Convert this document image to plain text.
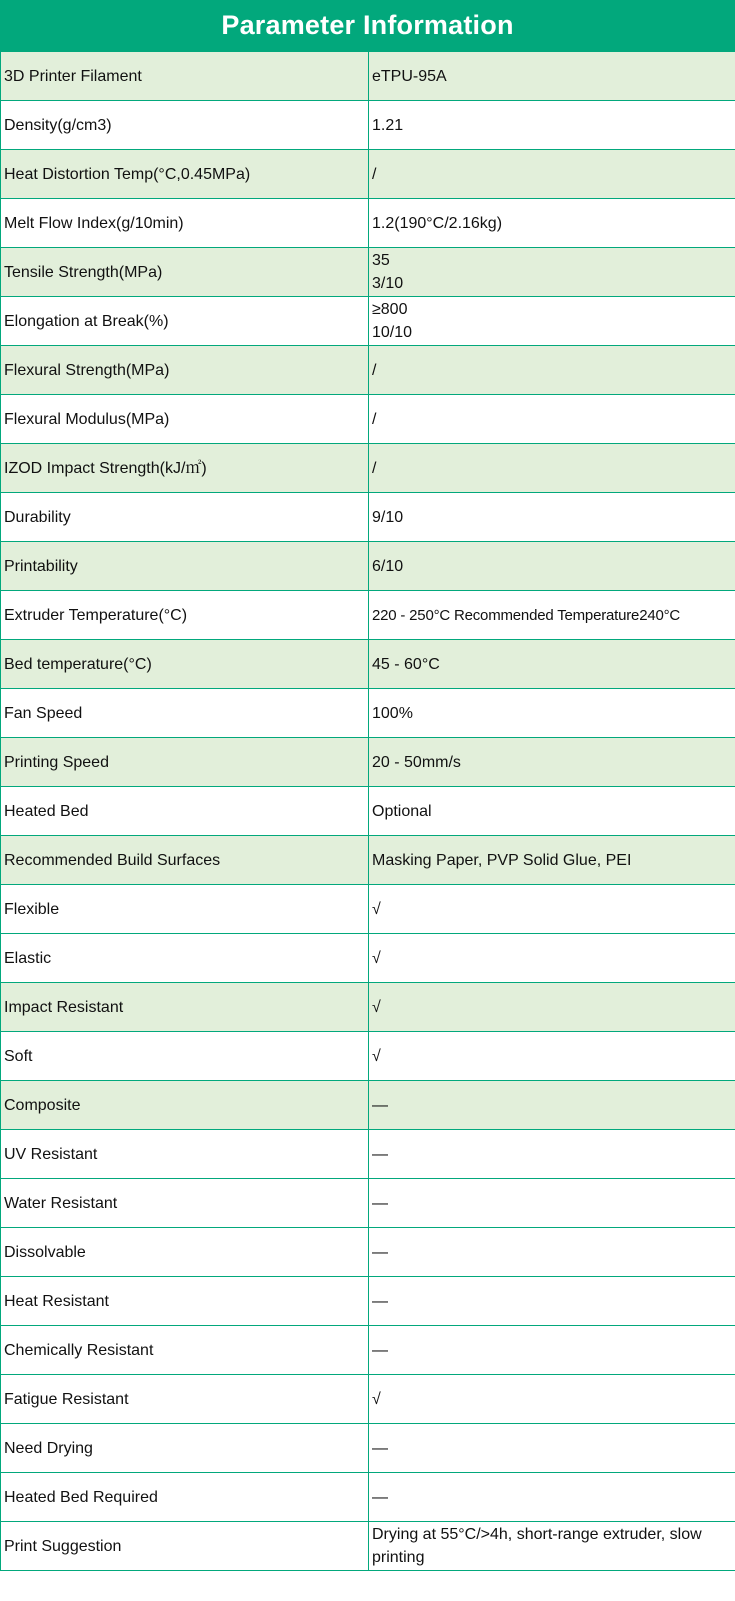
Parameter Information
3D Printer Filament	eTPU-95A
Density(g/cm3)	1.21
Heat Distortion Temp(°C,0.45MPa)	/
Melt Flow Index(g/10min)	1.2(190°C/2.16kg)
Tensile Strength(MPa)	35
3/10

Elongation at Break(%)	≥800
10/10

Flexural Strength(MPa)	/
Flexural Modulus(MPa)	/
IZOD Impact Strength(kJ/㎡)	/
Durability	9/10
Printability	6/10
Extruder Temperature(°C)	220 - 250°C Recommended Temperature240°C
Bed temperature(°C)	45 - 60°C
Fan Speed	100%
Printing Speed	20 - 50mm/s
Heated Bed	Optional
Recommended Build Surfaces	Masking Paper, PVP Solid Glue, PEI
Flexible	√
Elastic	√
Impact Resistant	√
Soft	√
Composite	—
UV Resistant	—
Water Resistant	—
Dissolvable	—
Heat Resistant	—
Chemically Resistant	—
Fatigue Resistant	√
Need Drying	—
Heated Bed Required	—
Print Suggestion	Drying at 55°C/>4h, short-range extruder, slow printing
